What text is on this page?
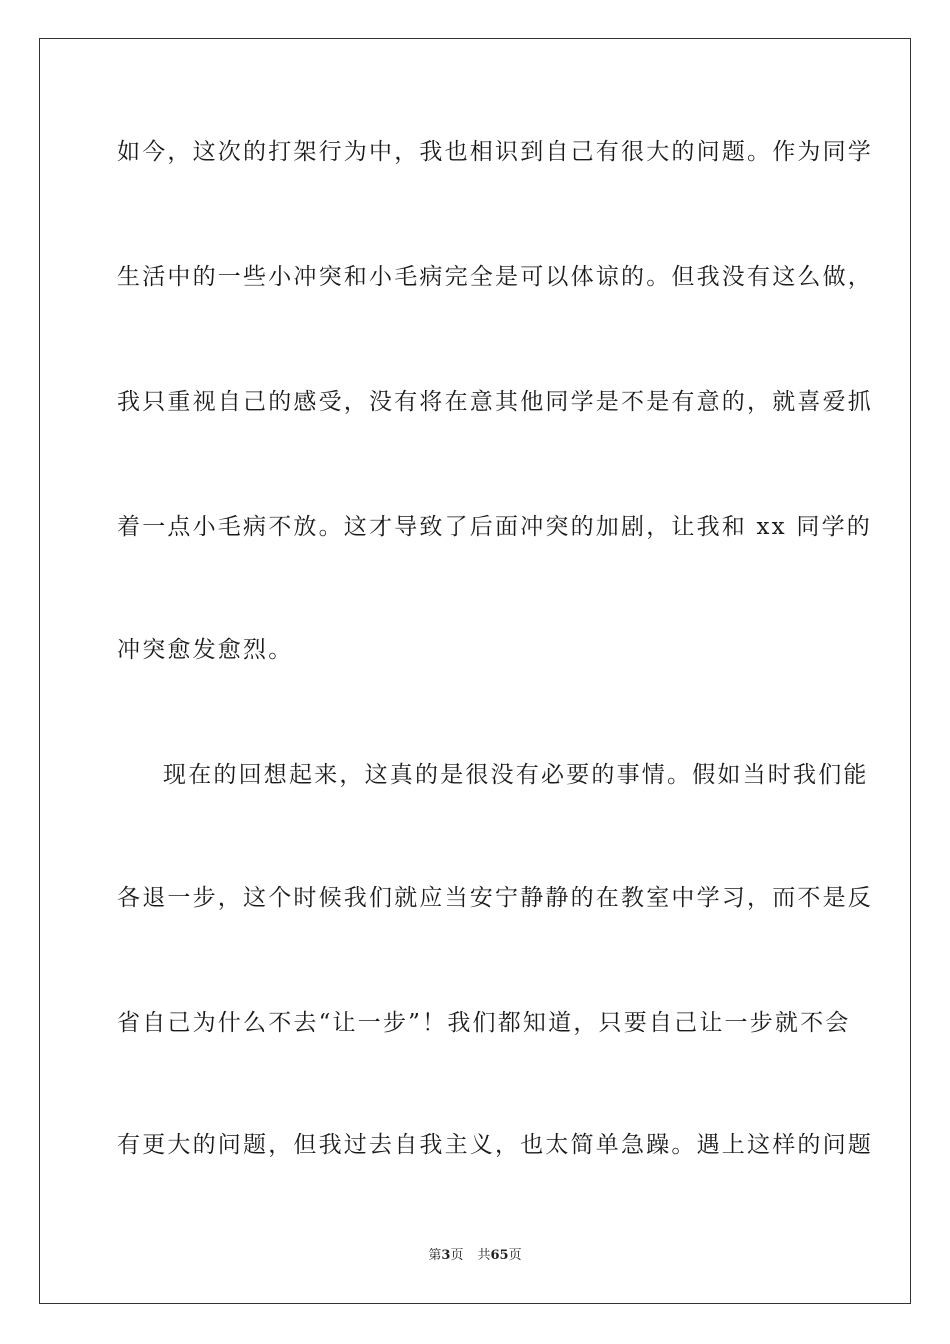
如今，这次的打架行为中，我也相识到自己有很大的问题。作为同学
生活中的一些小冲突和小毛病完全是可以体谅的。但我没有这么做，
我只重视自己的感受，没有将在意其他同学是不是有意的，就喜爱抓
着一点小毛病不放。这才导致了后面冲突的加剧，让我和 xx 同学的
冲突愈发愈烈。
现在的回想起来，这真的是很没有必要的事情。假如当时我们能
各退一步，这个时候我们就应当安宁静静的在教室中学习，而不是反
省自己为什么不去“让一步”！我们都知道，只要自己让一步就不会
有更大的问题，但我过去自我主义，也太简单急躁。遇上这样的问题
第3页 共65页
